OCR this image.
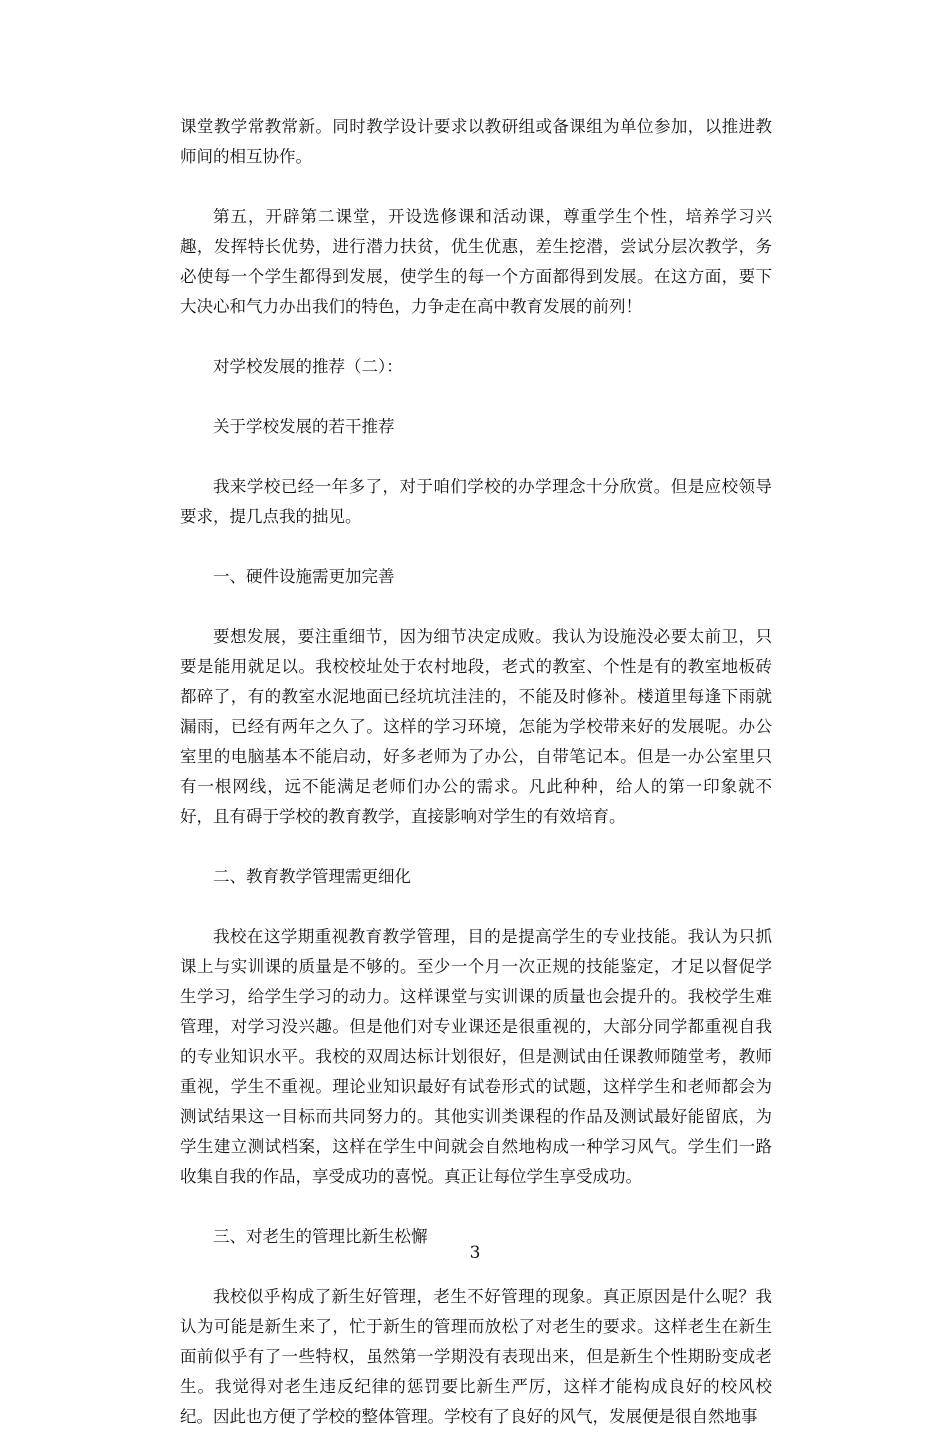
课堂教学常教常新。同时教学设计要求以教研组或备课组为单位参加，以推进教师间的相互协作。

第五，开辟第二课堂，开设选修课和活动课，尊重学生个性，培养学习兴趣，发挥特长优势，进行潜力扶贫，优生优惠，差生挖潜，尝试分层次教学，务必使每一个学生都得到发展，使学生的每一个方面都得到发展。在这方面，要下大决心和气力办出我们的特色，力争走在高中教育发展的前列！

对学校发展的推荐（二）：

关于学校发展的若干推荐

我来学校已经一年多了，对于咱们学校的办学理念十分欣赏。但是应校领导要求，提几点我的拙见。

一、硬件设施需更加完善

要想发展，要注重细节，因为细节决定成败。我认为设施没必要太前卫，只要是能用就足以。我校校址处于农村地段，老式的教室、个性是有的教室地板砖都碎了，有的教室水泥地面已经坑坑洼洼的，不能及时修补。楼道里每逢下雨就漏雨，已经有两年之久了。这样的学习环境，怎能为学校带来好的发展呢。办公室里的电脑基本不能启动，好多老师为了办公，自带笔记本。但是一办公室里只有一根网线，远不能满足老师们办公的需求。凡此种种，给人的第一印象就不好，且有碍于学校的教育教学，直接影响对学生的有效培育。

二、教育教学管理需更细化

我校在这学期重视教育教学管理，目的是提高学生的专业技能。我认为只抓课上与实训课的质量是不够的。至少一个月一次正规的技能鉴定，才足以督促学生学习，给学生学习的动力。这样课堂与实训课的质量也会提升的。我校学生难管理，对学习没兴趣。但是他们对专业课还是很重视的，大部分同学都重视自我的专业知识水平。我校的双周达标计划很好，但是测试由任课教师随堂考，教师重视，学生不重视。理论业知识最好有试卷形式的试题，这样学生和老师都会为测试结果这一目标而共同努力的。其他实训类课程的作品及测试最好能留底，为学生建立测试档案，这样在学生中间就会自然地构成一种学习风气。学生们一路收集自我的作品，享受成功的喜悦。真正让每位学生享受成功。

三、对老生的管理比新生松懈

我校似乎构成了新生好管理，老生不好管理的现象。真正原因是什么呢？我认为可能是新生来了，忙于新生的管理而放松了对老生的要求。这样老生在新生面前似乎有了一些特权，虽然第一学期没有表现出来，但是新生个性期盼变成老生。我觉得对老生违反纪律的惩罚要比新生严厉，这样才能构成良好的校风校纪。因此也方便了学校的整体管理。学校有了良好的风气，发展便是很自然地事

3
